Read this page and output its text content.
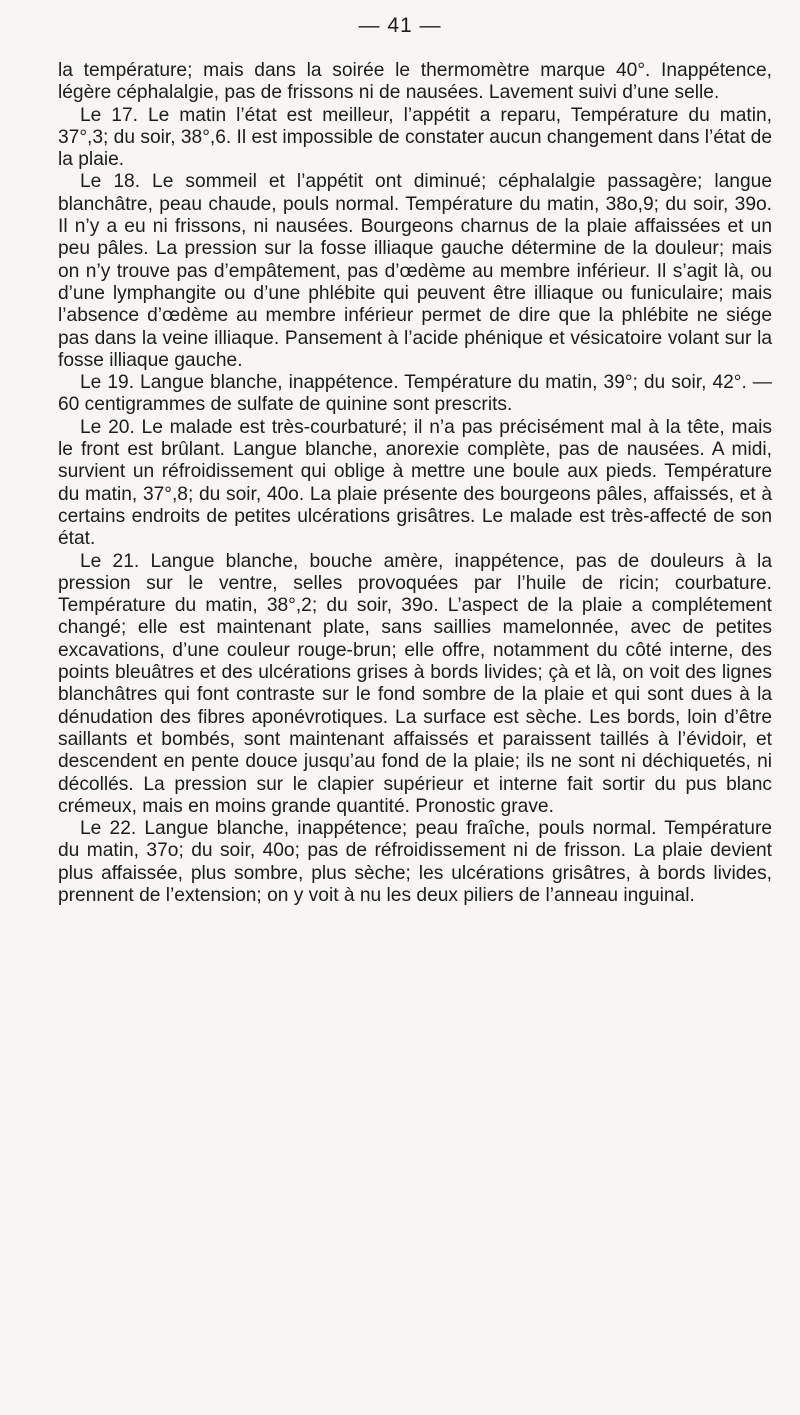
— 41 —

la température; mais dans la soirée le thermomètre marque 40°. Inappétence, légère céphalalgie, pas de frissons ni de nausées. Lavement suivi d’une selle.

Le 17. Le matin l’état est meilleur, l’appétit a reparu, Température du matin, 37°,3; du soir, 38°,6. Il est impossible de constater aucun changement dans l’état de la plaie.

Le 18. Le sommeil et l’appétit ont diminué; céphalalgie passagère; langue blanchâtre, peau chaude, pouls normal. Température du matin, 38o,9; du soir, 39o. Il n’y a eu ni frissons, ni nausées. Bourgeons charnus de la plaie affaissées et un peu pâles. La pression sur la fosse illiaque gauche détermine de la douleur; mais on n’y trouve pas d’empâtement, pas d’œdème au membre inférieur. Il s’agit là, ou d’une lymphangite ou d’une phlébite qui peuvent être illiaque ou funiculaire; mais l’absence d’œdème au membre inférieur permet de dire que la phlébite ne siége pas dans la veine illiaque. Pansement à l’acide phénique et vésicatoire volant sur la fosse illiaque gauche.

Le 19. Langue blanche, inappétence. Température du matin, 39°; du soir, 42°. — 60 centigrammes de sulfate de quinine sont prescrits.

Le 20. Le malade est très-courbaturé; il n’a pas précisément mal à la tête, mais le front est brûlant. Langue blanche, anorexie complète, pas de nausées. A midi, survient un réfroidissement qui oblige à mettre une boule aux pieds. Température du matin, 37°,8; du soir, 40o. La plaie présente des bourgeons pâles, affaissés, et à certains endroits de petites ulcérations grisâtres. Le malade est très-affecté de son état.

Le 21. Langue blanche, bouche amère, inappétence, pas de douleurs à la pression sur le ventre, selles provoquées par l’huile de ricin; courbature. Température du matin, 38°,2; du soir, 39o. L’aspect de la plaie a complétement changé; elle est maintenant plate, sans saillies mamelonnée, avec de petites excavations, d’une couleur rouge-brun; elle offre, notamment du côté interne, des points bleuâtres et des ulcérations grises à bords livides; çà et là, on voit des lignes blanchâtres qui font contraste sur le fond sombre de la plaie et qui sont dues à la dénudation des fibres aponévrotiques. La surface est sèche. Les bords, loin d’être saillants et bombés, sont maintenant affaissés et paraissent taillés à l’évidoir, et descendent en pente douce jusqu’au fond de la plaie; ils ne sont ni déchiquetés, ni décollés. La pression sur le clapier supérieur et interne fait sortir du pus blanc crémeux, mais en moins grande quantité. Pronostic grave.

Le 22. Langue blanche, inappétence; peau fraîche, pouls normal. Température du matin, 37o; du soir, 40o; pas de réfroidissement ni de frisson. La plaie devient plus affaissée, plus sombre, plus sèche; les ulcérations grisâtres, à bords livides, prennent de l’extension; on y voit à nu les deux piliers de l’anneau inguinal.
